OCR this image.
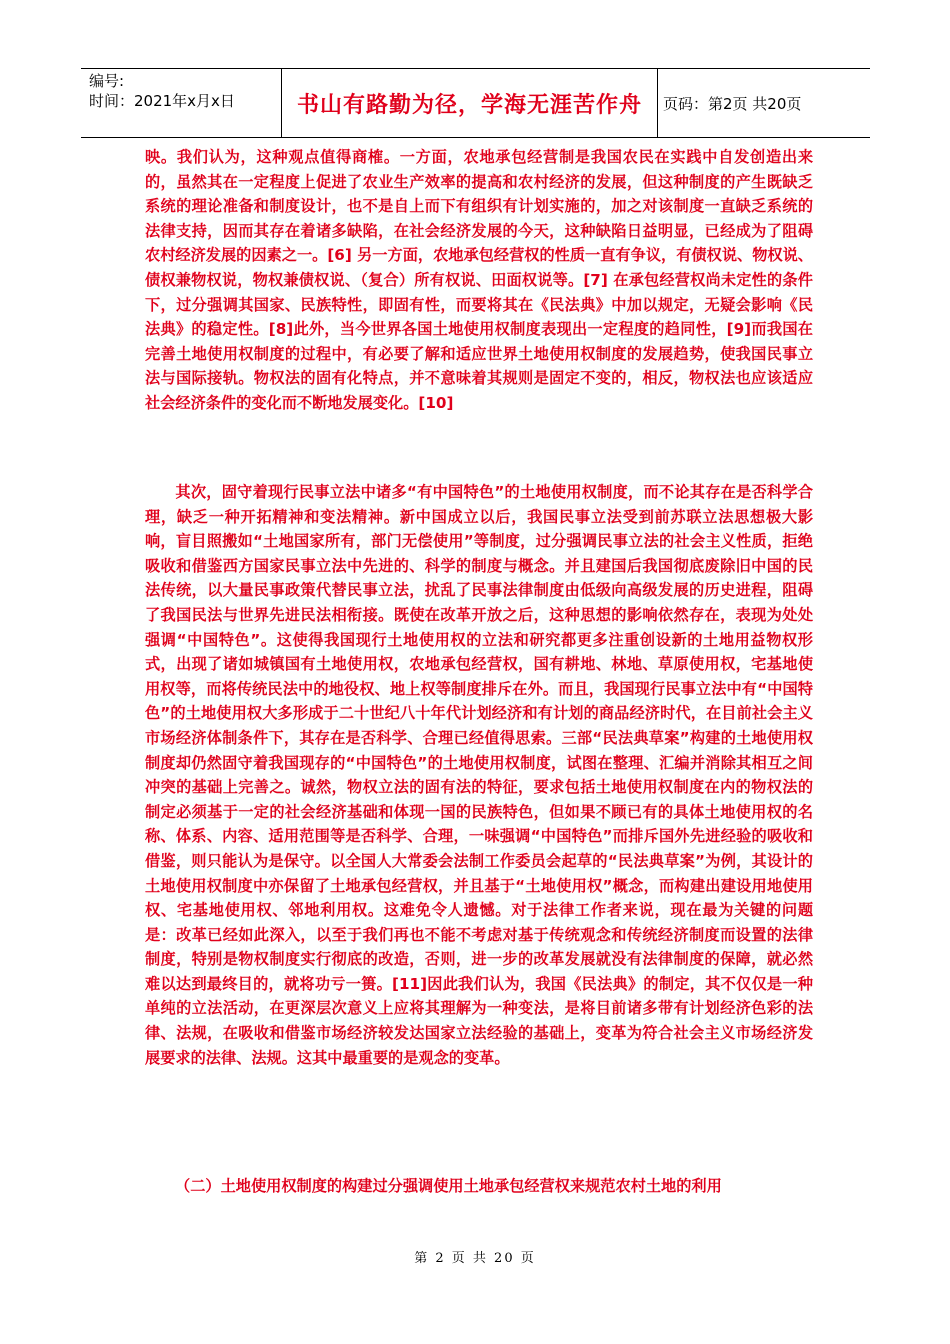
编号:
时间：2021年x月x日	书山有路勤为径，学海无涯苦作舟	页码：第2页 共20页
映。我们认为，这种观点值得商榷。一方面，农地承包经营制是我国农民在实践中自发创造出来的，虽然其在一定程度上促进了农业生产效率的提高和农村经济的发展，但这种制度的产生既缺乏系统的理论准备和制度设计，也不是自上而下有组织有计划实施的，加之对该制度一直缺乏系统的法律支持，因而其存在着诸多缺陷，在社会经济发展的今天，这种缺陷日益明显，已经成为了阻碍农村经济发展的因素之一。[6] 另一方面，农地承包经营权的性质一直有争议，有债权说、物权说、债权兼物权说，物权兼债权说、（复合）所有权说、田面权说等。[7] 在承包经营权尚未定性的条件下，过分强调其国家、民族特性，即固有性，而要将其在《民法典》中加以规定，无疑会影响《民法典》的稳定性。[8]此外，当今世界各国土地使用权制度表现出一定程度的趋同性，[9]而我国在完善土地使用权制度的过程中，有必要了解和适应世界土地使用权制度的发展趋势，使我国民事立法与国际接轨。物权法的固有化特点，并不意味着其规则是固定不变的，相反，物权法也应该适应社会经济条件的变化而不断地发展变化。[10]
其次，固守着现行民事立法中诸多“有中国特色”的土地使用权制度，而不论其存在是否科学合理，缺乏一种开拓精神和变法精神。新中国成立以后，我国民事立法受到前苏联立法思想极大影响，盲目照搬如“土地国家所有，部门无偿使用”等制度，过分强调民事立法的社会主义性质，拒绝吸收和借鉴西方国家民事立法中先进的、科学的制度与概念。并且建国后我国彻底废除旧中国的民法传统，以大量民事政策代替民事立法，扰乱了民事法律制度由低级向高级发展的历史进程，阻碍了我国民法与世界先进民法相衔接。既使在改革开放之后，这种思想的影响依然存在，表现为处处强调“中国特色”。这使得我国现行土地使用权的立法和研究都更多注重创设新的土地用益物权形式，出现了诸如城镇国有土地使用权，农地承包经营权，国有耕地、林地、草原使用权，宅基地使用权等，而将传统民法中的地役权、地上权等制度排斥在外。而且，我国现行民事立法中有“中国特色”的土地使用权大多形成于二十世纪八十年代计划经济和有计划的商品经济时代，在目前社会主义市场经济体制条件下，其存在是否科学、合理已经值得思索。三部“民法典草案”构建的土地使用权制度却仍然固守着我国现存的“中国特色”的土地使用权制度，试图在整理、汇编并消除其相互之间冲突的基础上完善之。诚然，物权立法的固有法的特征，要求包括土地使用权制度在内的物权法的制定必须基于一定的社会经济基础和体现一国的民族特色，但如果不顾已有的具体土地使用权的名称、体系、内容、适用范围等是否科学、合理，一味强调“中国特色”而排斥国外先进经验的吸收和借鉴，则只能认为是保守。以全国人大常委会法制工作委员会起草的“民法典草案”为例，其设计的土地使用权制度中亦保留了土地承包经营权，并且基于“土地使用权”概念，而构建出建设用地使用权、宅基地使用权、邻地利用权。这难免令人遗憾。对于法律工作者来说，现在最为关键的问题是：改革已经如此深入，以至于我们再也不能不考虑对基于传统观念和传统经济制度而设置的法律制度，特别是物权制度实行彻底的改造，否则，进一步的改革发展就没有法律制度的保障，就必然难以达到最终目的，就将功亏一篑。[11]因此我们认为，我国《民法典》的制定，其不仅仅是一种单纯的立法活动，在更深层次意义上应将其理解为一种变法，是将目前诸多带有计划经济色彩的法律、法规，在吸收和借鉴市场经济较发达国家立法经验的基础上，变革为符合社会主义市场经济发展要求的法律、法规。这其中最重要的是观念的变革。
（二）土地使用权制度的构建过分强调使用土地承包经营权来规范农村土地的利用
第 2 页 共 20 页
